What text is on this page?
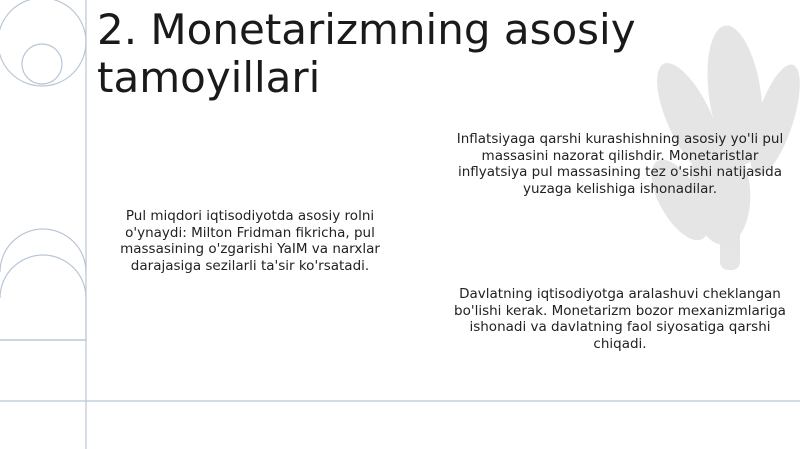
2. Monetarizmning asosiy tamoyillari

Pul miqdori iqtisodiyotda asosiy rolni o'ynaydi: Milton Fridman fikricha, pul massasining o'zgarishi YaIM va narxlar darajasiga sezilarli ta'sir ko'rsatadi.

Inflatsiyaga qarshi kurashishning asosiy yo'li pul massasini nazorat qilishdir. Monetaristlar inflyatsiya pul massasining tez o'sishi natijasida yuzaga kelishiga ishonadilar.

Davlatning iqtisodiyotga aralashuvi cheklangan bo'lishi kerak. Monetarizm bozor mexanizmlariga ishonadi va davlatning faol siyosatiga qarshi chiqadi.
